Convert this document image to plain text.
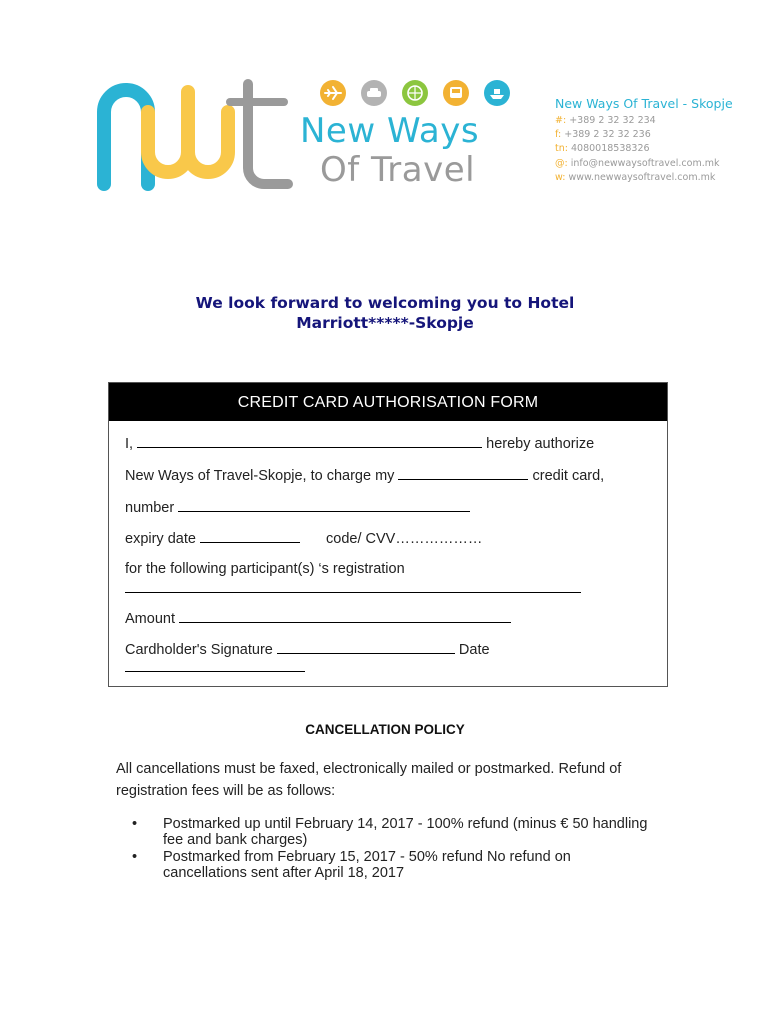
New Ways
Of Travel
New Ways Of Travel - Skopje
#: +389 2 32 32 234
f: +389 2 32 32 236
tn: 4080018538326
@: info@newwaysoftravel.com.mk
w: www.newwaysoftravel.com.mk
We look forward to welcoming you to Hotel
Marriott*****-Skopje
CREDIT CARD AUTHORISATION FORM
I,	hereby authorize
New Ways of Travel-Skopje, to charge my	credit card,
number
expiry date	code/ CVV………………
for the following participant(s) ‘s registration
Amount
Cardholder's Signature	Date
CANCELLATION POLICY
All cancellations must be faxed, electronically mailed or postmarked. Refund of registration fees will be as follows:
• Postmarked up until February 14, 2017 - 100% refund (minus € 50 handling fee and bank charges)
• Postmarked from February 15, 2017 - 50% refund No refund on cancellations sent after April 18, 2017
